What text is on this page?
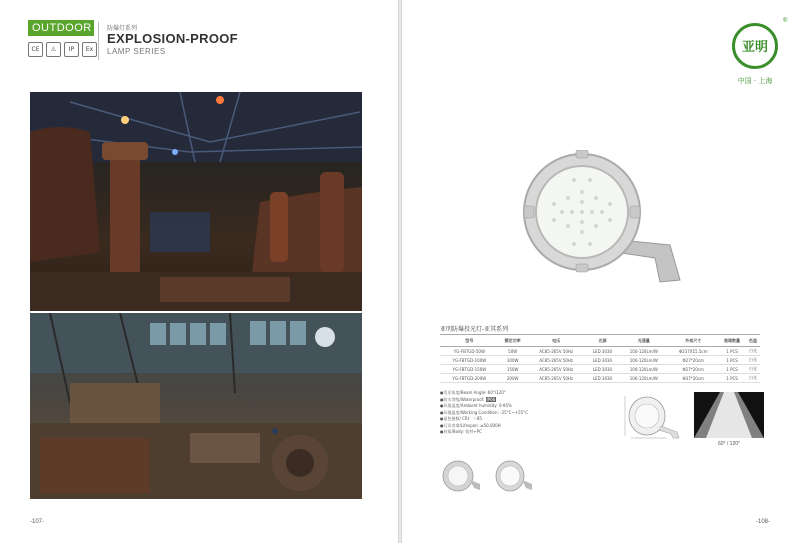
OUTDOOR
CE	⚠	IP	Ex
防爆灯系列
EXPLOSION-PROOF
LAMP SERIES
-107-
亚明
®
中国 · 上海
亚明防爆投光灯-亚其系列
型号	额定功率	电压	光源	光通量	外观尺寸	装箱数量	色温
YG-FBTGD-50W	50W	AC85-265V 50Hz	LED 3030	100-120Lm/W	Φ237X15.5cm	1 PCS	白光
YG-FBTGD-100W	100W	AC85-265V 50Hz	LED 3030	100-120Lm/W	Φ27*20cm	1 PCS	白光
YG-FBTGD-150W	150W	AC85-265V 50Hz	LED 3030	100-120Lm/W	Φ27*20cm	1 PCS	白光
YG-FBTGD-200W	200W	AC85-265V 50Hz	LED 3030	100-120Lm/W	Φ37*20cm	1 PCS	白光
●发光角度/Beam Angle: 60°/120°
●防水等级/Waterproof: IP66
●环境湿度/Ambient humidity: 0-95%
●环境温度/Working Condition: -25°C~+55°C
●显色指数/ CRI：＞85
●灯具寿命/Lifespan: ≥50,000H
●材质/Body: 铝材+PC
60° / 120°
-108-
